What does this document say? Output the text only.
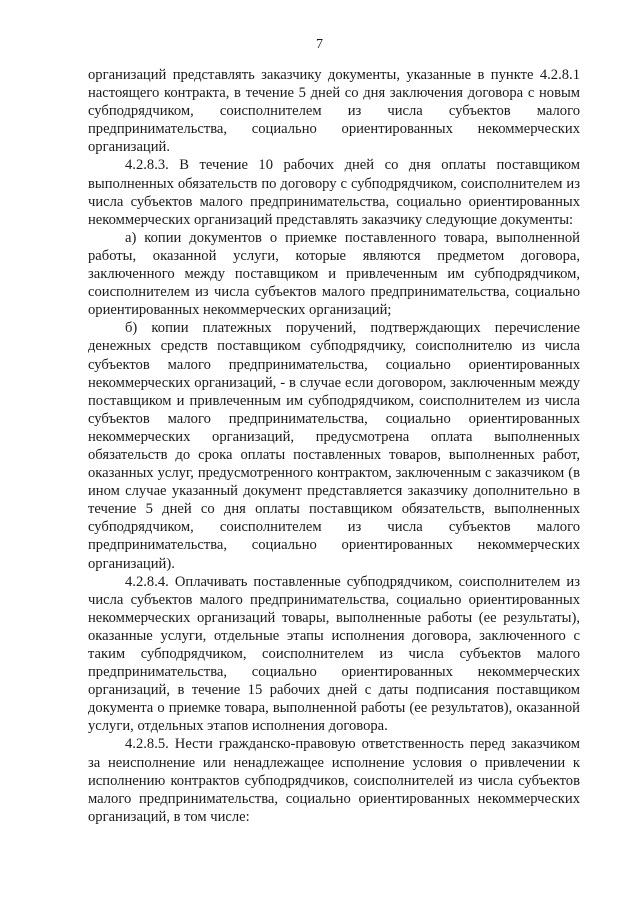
7

организаций представлять заказчику документы, указанные в пункте 4.2.8.1 настоящего контракта, в течение 5 дней со дня заключения договора с новым субподрядчиком, соисполнителем из числа субъектов малого предпринимательства, социально ориентированных некоммерческих организаций.

4.2.8.3. В течение 10 рабочих дней со дня оплаты поставщиком выполненных обязательств по договору с субподрядчиком, соисполнителем из числа субъектов малого предпринимательства, социально ориентированных некоммерческих организаций представлять заказчику следующие документы:

а) копии документов о приемке поставленного товара, выполненной работы, оказанной услуги, которые являются предметом договора, заключенного между поставщиком и привлеченным им субподрядчиком, соисполнителем из числа субъектов малого предпринимательства, социально ориентированных некоммерческих организаций;

б) копии платежных поручений, подтверждающих перечисление денежных средств поставщиком субподрядчику, соисполнителю из числа субъектов малого предпринимательства, социально ориентированных некоммерческих организаций, - в случае если договором, заключенным между поставщиком и привлеченным им субподрядчиком, соисполнителем из числа субъектов малого предпринимательства, социально ориентированных некоммерческих организаций, предусмотрена оплата выполненных обязательств до срока оплаты поставленных товаров, выполненных работ, оказанных услуг, предусмотренного контрактом, заключенным с заказчиком (в ином случае указанный документ представляется заказчику дополнительно в течение 5 дней со дня оплаты поставщиком обязательств, выполненных субподрядчиком, соисполнителем из числа субъектов малого предпринимательства, социально ориентированных некоммерческих организаций).

4.2.8.4. Оплачивать поставленные субподрядчиком, соисполнителем из числа субъектов малого предпринимательства, социально ориентированных некоммерческих организаций товары, выполненные работы (ее результаты), оказанные услуги, отдельные этапы исполнения договора, заключенного с таким субподрядчиком, соисполнителем из числа субъектов малого предпринимательства, социально ориентированных некоммерческих организаций, в течение 15 рабочих дней с даты подписания поставщиком документа о приемке товара, выполненной работы (ее результатов), оказанной услуги, отдельных этапов исполнения договора.

4.2.8.5. Нести гражданско-правовую ответственность перед заказчиком за неисполнение или ненадлежащее исполнение условия о привлечении к исполнению контрактов субподрядчиков, соисполнителей из числа субъектов малого предпринимательства, социально ориентированных некоммерческих организаций, в том числе:
